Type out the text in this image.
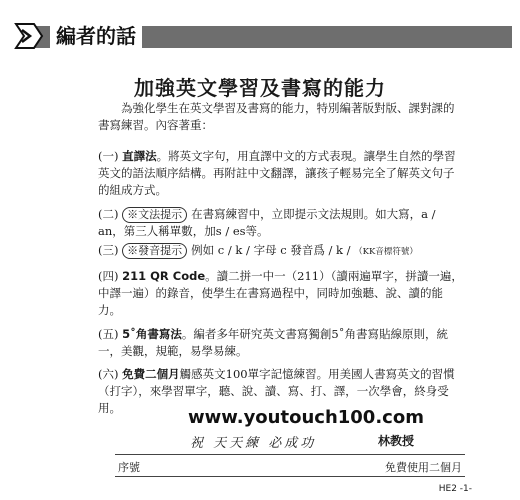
編者的話
加強英文學習及書寫的能力
為強化學生在英文學習及書寫的能力，特別編著版對版、課對課的書寫練習。內容著重：
(一) 直譯法。將英文字句，用直譯中文的方式表現。讓學生自然的學習英文的語法順序結構。再附註中文翻譯，讓孩子輕易完全了解英文句子的組成方式。
(二) ※文法提示 在書寫練習中，立即提示文法規則。如大寫，a / an，第三人稱單數，加s / es等。
(三) ※發音提示 例如 c / k / 字母 c 發音爲 / k / （KK音標符號）
(四) 211 QR Code。讀二拼一中一（211）（讀兩遍單字，拼讀一遍，中譯一遍）的錄音，使學生在書寫過程中，同時加強聽、說、讀的能力。
(五) 5˚角書寫法。編者多年研究英文書寫獨創5˚角書寫貼線原則，統一，美觀，規範，易學易練。
(六) 免費二個月觸感英文100單字記憶練習。用美國人書寫英文的習慣（打字），來學習單字，聽、說、讀、寫、打、譯，一次學會，終身受用。	www.youtouch100.com
祝 天天練 必成功	林教授
序號	免費使用二個月
HE2 -1-
